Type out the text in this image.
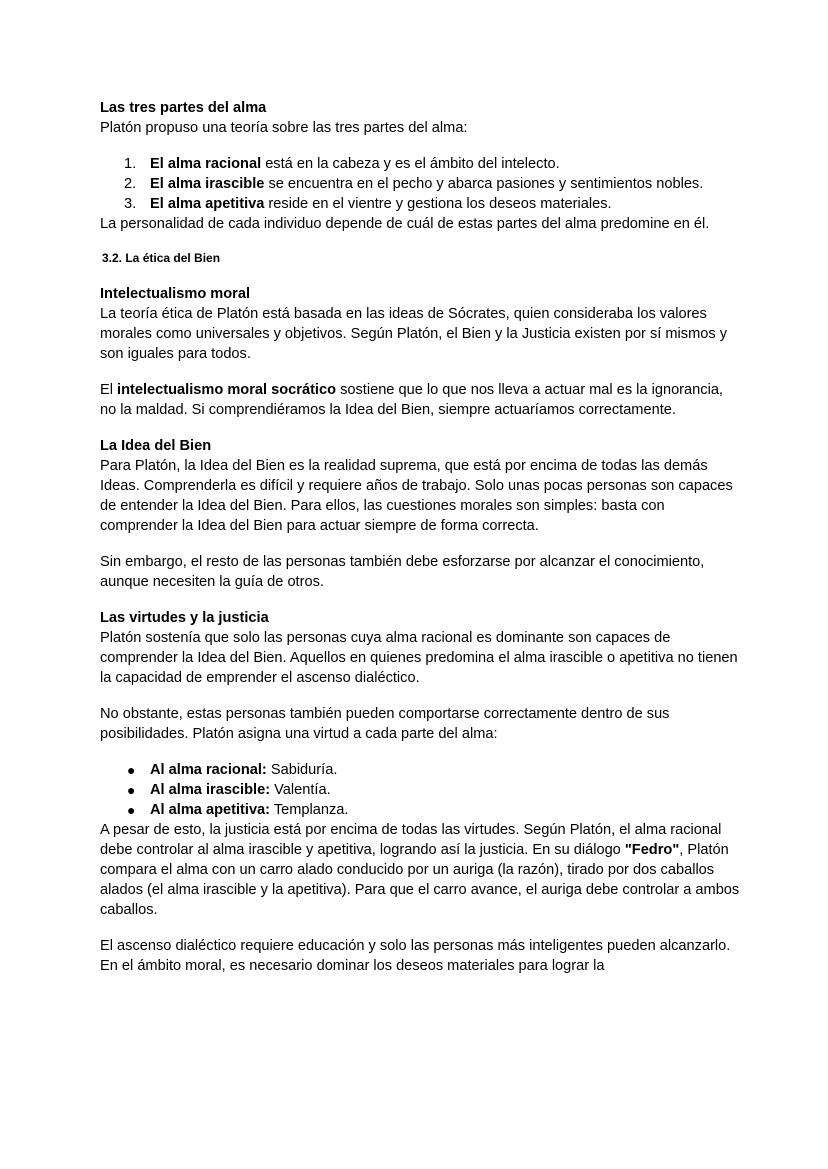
Las tres partes del alma

Platón propuso una teoría sobre las tres partes del alma:

1. El alma racional está en la cabeza y es el ámbito del intelecto.
2. El alma irascible se encuentra en el pecho y abarca pasiones y sentimientos nobles.
3. El alma apetitiva reside en el vientre y gestiona los deseos materiales.

La personalidad de cada individuo depende de cuál de estas partes del alma predomine en él.

3.2. La ética del Bien

Intelectualismo moral

La teoría ética de Platón está basada en las ideas de Sócrates, quien consideraba los valores morales como universales y objetivos. Según Platón, el Bien y la Justicia existen por sí mismos y son iguales para todos.

El intelectualismo moral socrático sostiene que lo que nos lleva a actuar mal es la ignorancia, no la maldad. Si comprendiéramos la Idea del Bien, siempre actuaríamos correctamente.

La Idea del Bien

Para Platón, la Idea del Bien es la realidad suprema, que está por encima de todas las demás Ideas. Comprenderla es difícil y requiere años de trabajo. Solo unas pocas personas son capaces de entender la Idea del Bien. Para ellos, las cuestiones morales son simples: basta con comprender la Idea del Bien para actuar siempre de forma correcta.

Sin embargo, el resto de las personas también debe esforzarse por alcanzar el conocimiento, aunque necesiten la guía de otros.

Las virtudes y la justicia

Platón sostenía que solo las personas cuya alma racional es dominante son capaces de comprender la Idea del Bien. Aquellos en quienes predomina el alma irascible o apetitiva no tienen la capacidad de emprender el ascenso dialéctico.

No obstante, estas personas también pueden comportarse correctamente dentro de sus posibilidades. Platón asigna una virtud a cada parte del alma:

● Al alma racional: Sabiduría.
● Al alma irascible: Valentía.
● Al alma apetitiva: Templanza.

A pesar de esto, la justicia está por encima de todas las virtudes. Según Platón, el alma racional debe controlar al alma irascible y apetitiva, logrando así la justicia. En su diálogo "Fedro", Platón compara el alma con un carro alado conducido por un auriga (la razón), tirado por dos caballos alados (el alma irascible y la apetitiva). Para que el carro avance, el auriga debe controlar a ambos caballos.

El ascenso dialéctico requiere educación y solo las personas más inteligentes pueden alcanzarlo. En el ámbito moral, es necesario dominar los deseos materiales para lograr la
